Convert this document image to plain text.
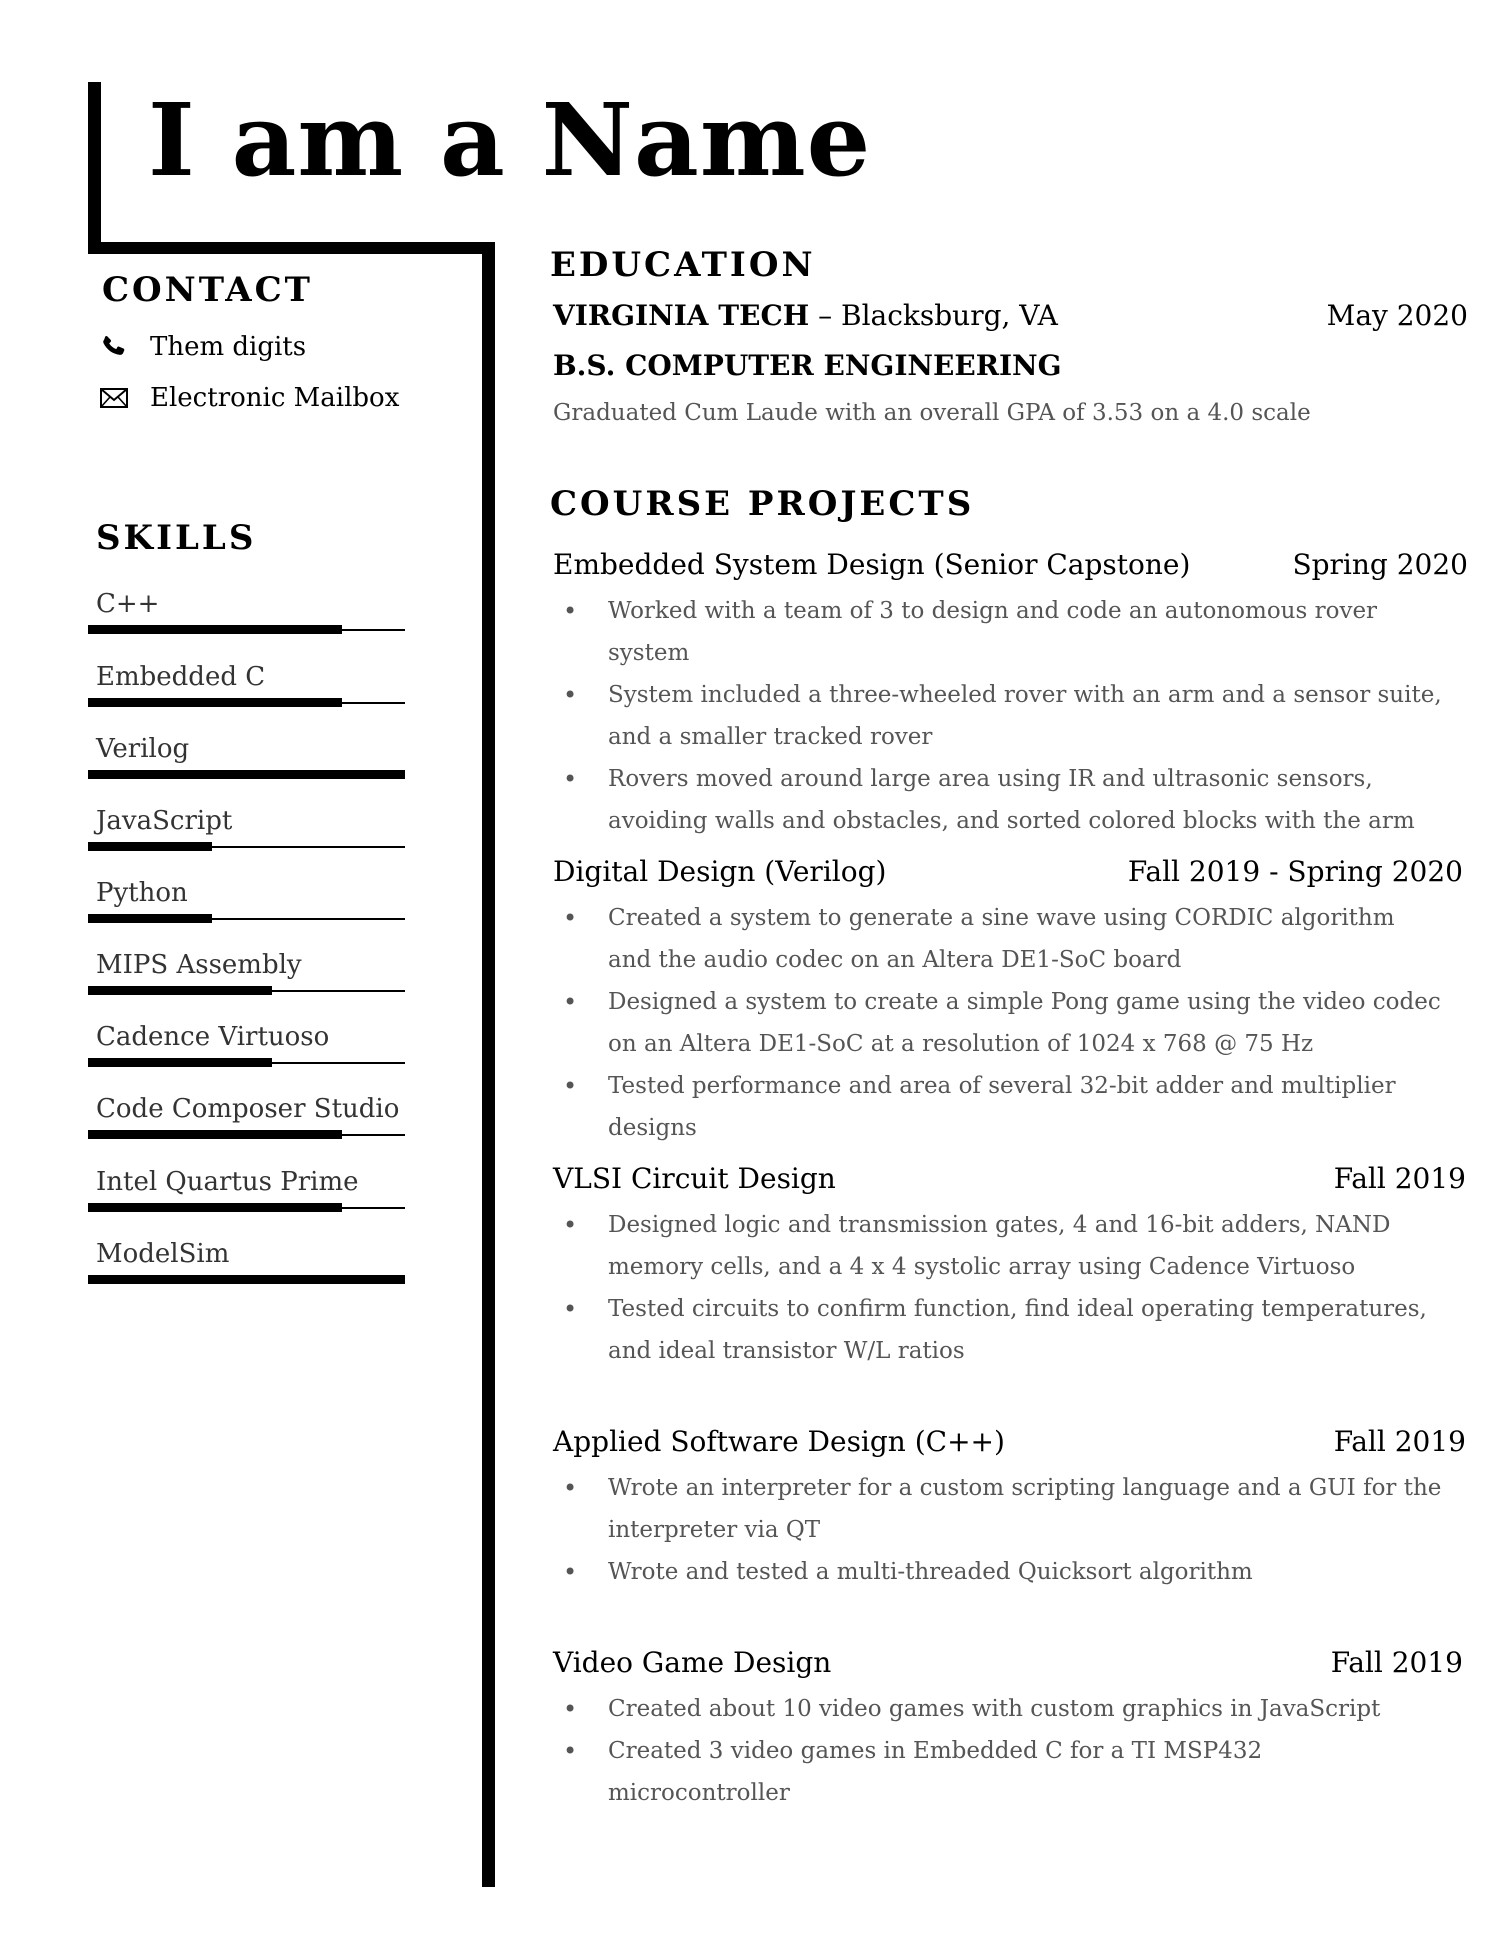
I am a Name
CONTACT
Them digits
Electronic Mailbox
SKILLS
C++
Embedded C
Verilog
JavaScript
Python
MIPS Assembly
Cadence Virtuoso
Code Composer Studio
Intel Quartus Prime
ModelSim
EDUCATION
VIRGINIA TECH – Blacksburg, VA	May 2020
B.S. COMPUTER ENGINEERING
Graduated Cum Laude with an overall GPA of 3.53 on a 4.0 scale
COURSE PROJECTS
Embedded System Design (Senior Capstone)	Spring 2020
• Worked with a team of 3 to design and code an autonomous rover system
• System included a three-wheeled rover with an arm and a sensor suite, and a smaller tracked rover
• Rovers moved around large area using IR and ultrasonic sensors, avoiding walls and obstacles, and sorted colored blocks with the arm
Digital Design (Verilog)	Fall 2019 - Spring 2020
• Created a system to generate a sine wave using CORDIC algorithm and the audio codec on an Altera DE1-SoC board
• Designed a system to create a simple Pong game using the video codec on an Altera DE1-SoC at a resolution of 1024 x 768 @ 75 Hz
• Tested performance and area of several 32-bit adder and multiplier designs
VLSI Circuit Design	Fall 2019
• Designed logic and transmission gates, 4 and 16-bit adders, NAND memory cells, and a 4 x 4 systolic array using Cadence Virtuoso
• Tested circuits to confirm function, find ideal operating temperatures, and ideal transistor W/L ratios
Applied Software Design (C++)	Fall 2019
• Wrote an interpreter for a custom scripting language and a GUI for the interpreter via QT
• Wrote and tested a multi-threaded Quicksort algorithm
Video Game Design	Fall 2019
• Created about 10 video games with custom graphics in JavaScript
• Created 3 video games in Embedded C for a TI MSP432 microcontroller
